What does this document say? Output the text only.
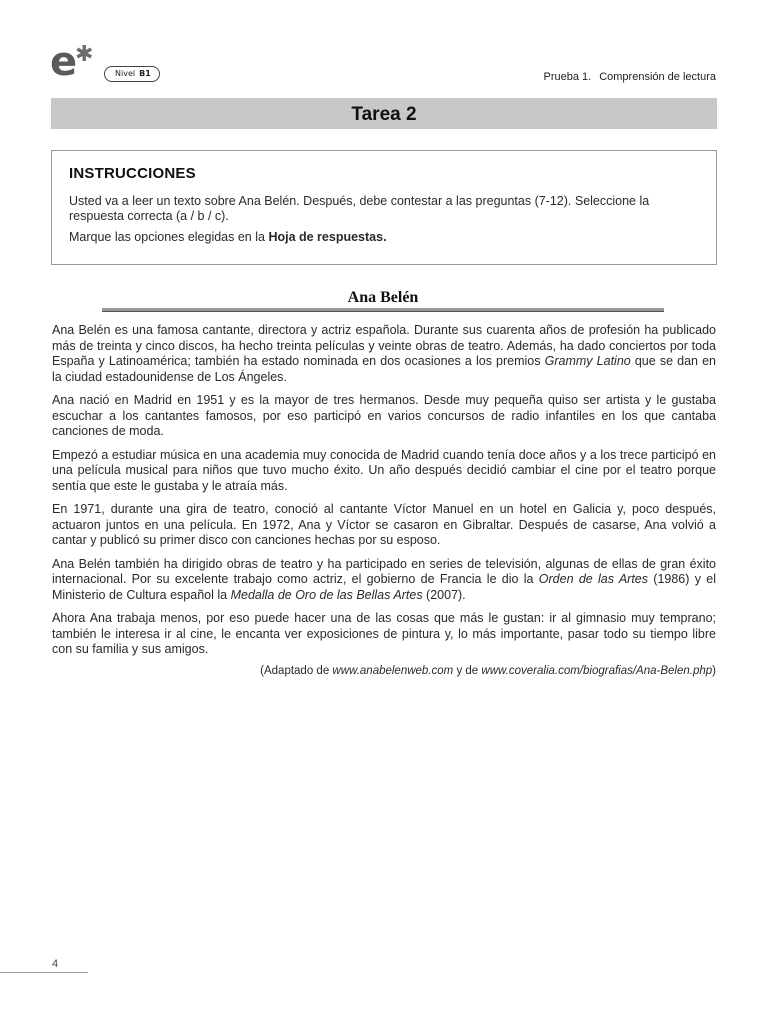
e
✱
Nivel B1	Prueba 1. Comprensión de lectura
Tarea 2

INSTRUCCIONES

Usted va a leer un texto sobre Ana Belén. Después, debe contestar a las preguntas (7-12). Seleccione la respuesta correcta (a / b / c).

Marque las opciones elegidas en la Hoja de respuestas.

Ana Belén

Ana Belén es una famosa cantante, directora y actriz española. Durante sus cuarenta años de profesión ha publicado más de treinta y cinco discos, ha hecho treinta películas y veinte obras de teatro. Además, ha dado conciertos por toda España y Latinoamérica; también ha estado nominada en dos ocasiones a los premios Grammy Latino que se dan en la ciudad estadounidense de Los Ángeles.

Ana nació en Madrid en 1951 y es la mayor de tres hermanos. Desde muy pequeña quiso ser artista y le gustaba escuchar a los cantantes famosos, por eso participó en varios concursos de radio infantiles en los que cantaba canciones de moda.

Empezó a estudiar música en una academia muy conocida de Madrid cuando tenía doce años y a los trece participó en una película musical para niños que tuvo mucho éxito. Un año después decidió cambiar el cine por el teatro porque sentía que este le gustaba y le atraía más.

En 1971, durante una gira de teatro, conoció al cantante Víctor Manuel en un hotel en Galicia y, poco después, actuaron juntos en una película. En 1972, Ana y Víctor se casaron en Gibraltar. Después de casarse, Ana volvió a cantar y publicó su primer disco con canciones hechas por su esposo.

Ana Belén también ha dirigido obras de teatro y ha participado en series de televisión, algunas de ellas de gran éxito internacional. Por su excelente trabajo como actriz, el gobierno de Francia le dio la Orden de las Artes (1986) y el Ministerio de Cultura español la Medalla de Oro de las Bellas Artes (2007).

Ahora Ana trabaja menos, por eso puede hacer una de las cosas que más le gustan: ir al gimnasio muy temprano; también le interesa ir al cine, le encanta ver exposiciones de pintura y, lo más importante, pasar todo su tiempo libre con su familia y sus amigos.

(Adaptado de www.anabelenweb.com y de www.coveralia.com/biografias/Ana-Belen.php)
4
